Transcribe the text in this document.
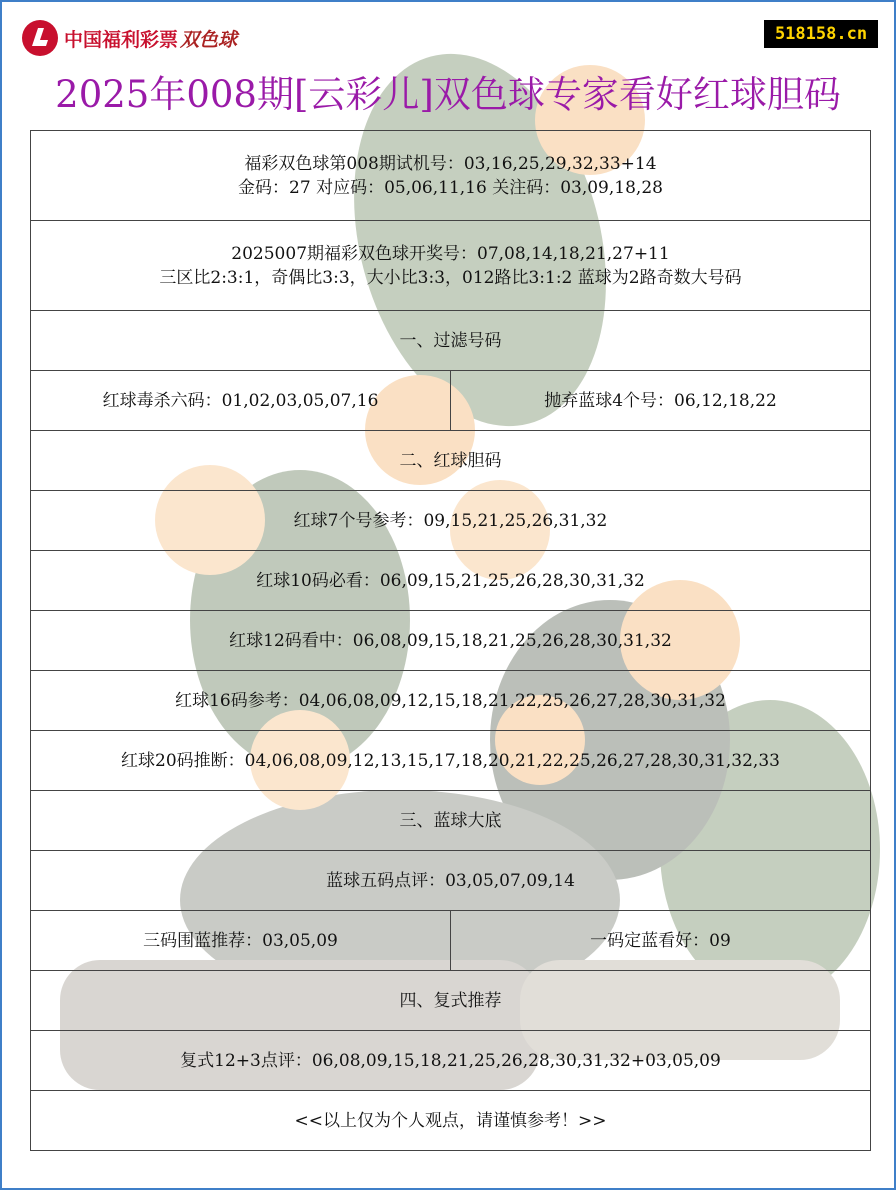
中国福利彩票 双色球	518158.cn
2025年008期[云彩儿]双色球专家看好红球胆码
福彩双色球第008期试机号：03,16,25,29,32,33+14
金码：27 对应码：05,06,11,16 关注码：03,09,18,28	

2025007期福彩双色球开奖号：07,08,14,18,21,27+11
三区比2:3:1，奇偶比3:3，大小比3:3，012路比3:1:2 蓝球为2路奇数大号码	

一、过滤号码	
红球毒杀六码：01,02,03,05,07,16	抛弃蓝球4个号：06,12,18,22
二、红球胆码	
红球7个号参考：09,15,21,25,26,31,32	
红球10码必看：06,09,15,21,25,26,28,30,31,32	
红球12码看中：06,08,09,15,18,21,25,26,28,30,31,32	
红球16码参考：04,06,08,09,12,15,18,21,22,25,26,27,28,30,31,32	
红球20码推断：04,06,08,09,12,13,15,17,18,20,21,22,25,26,27,28,30,31,32,33	
三、蓝球大底	
蓝球五码点评：03,05,07,09,14	
三码围蓝推荐：03,05,09	一码定蓝看好：09
四、复式推荐	
复式12+3点评：06,08,09,15,18,21,25,26,28,30,31,32+03,05,09	
<<以上仅为个人观点，请谨慎参考！>>	
